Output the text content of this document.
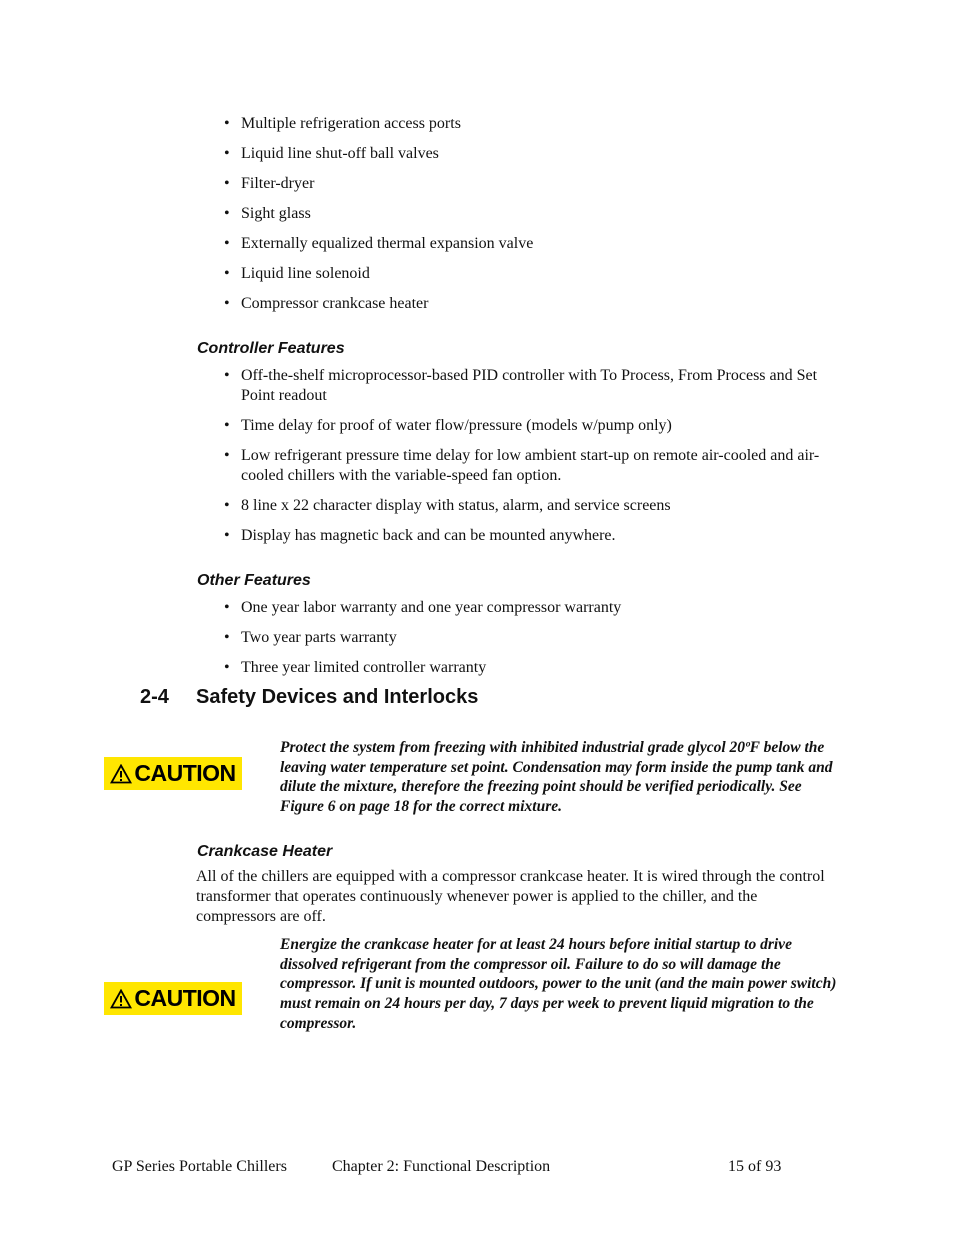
• Multiple refrigeration access ports
• Liquid line shut-off ball valves
• Filter-dryer
• Sight glass
• Externally equalized thermal expansion valve
• Liquid line solenoid
• Compressor crankcase heater
Controller Features
• Off-the-shelf microprocessor-based PID controller with To Process, From Process and Set Point readout
• Time delay for proof of water flow/pressure (models w/pump only)
• Low refrigerant pressure time delay for low ambient start-up on remote air-cooled and air-cooled chillers with the variable-speed fan option.
• 8 line x 22 character display with status, alarm, and service screens
• Display has magnetic back and can be mounted anywhere.
Other Features
• One year labor warranty and one year compressor warranty
• Two year parts warranty
• Three year limited controller warranty
2-4 Safety Devices and Interlocks
CAUTION
Protect the system from freezing with inhibited industrial grade glycol 20ºF below the leaving water temperature set point. Condensation may form inside the pump tank and dilute the mixture, therefore the freezing point should be verified periodically. See Figure 6 on page 18 for the correct mixture.
Crankcase Heater
All of the chillers are equipped with a compressor crankcase heater. It is wired through the control transformer that operates continuously whenever power is applied to the chiller, and the compressors are off.
CAUTION
Energize the crankcase heater for at least 24 hours before initial startup to drive dissolved refrigerant from the compressor oil. Failure to do so will damage the compressor. If unit is mounted outdoors, power to the unit (and the main power switch) must remain on 24 hours per day, 7 days per week to prevent liquid migration to the compressor.
GP Series Portable Chillers	Chapter 2: Functional Description	15 of 93
